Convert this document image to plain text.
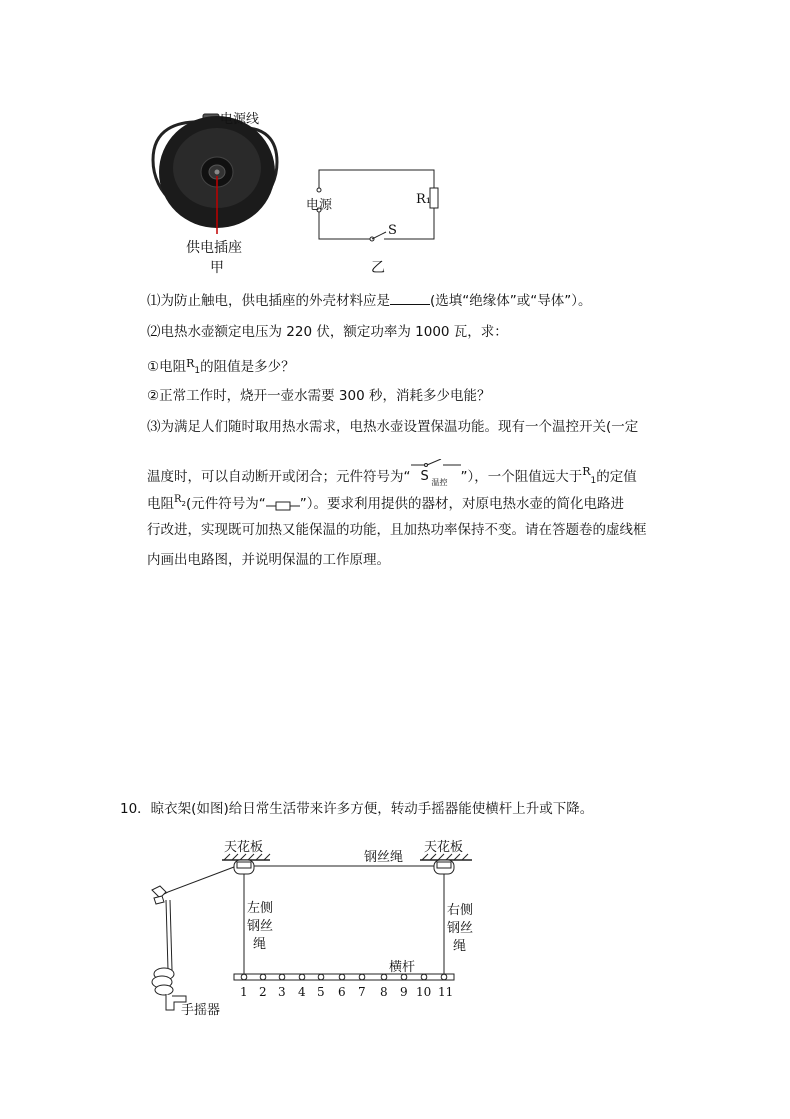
电源线
供电插座
甲
电源	R₁
S
乙
⑴为防止触电，供电插座的外壳材料应是	(选填“绝缘体”或“导体”）。
⑵电热水壶额定电压为 220 伏，额定功率为 1000 瓦，求：
①电阻$^R_1$的阻值是多少？
②正常工作时，烧开一壶水需要 300 秒，消耗多少电能？
⑶为满足人们随时取用热水需求，电热水壶设置保温功能。现有一个温控开关(一定
温度时，可以自动断开或闭合；元件符号为“ S 温控 ”），一个阻值远大于$^R_1$的定值
电阻$^R$2(元件符号为“	”）。要求利用提供的器材，对原电热水壶的简化电路进
行改进，实现既可加热又能保温的功能，且加热功率保持不变。请在答题卷的虚线框
内画出电路图，并说明保温的工作原理。
10．晾衣架(如图)给日常生活带来许多方便，转动手摇器能使横杆上升或下降。
天花板	天花板
钢丝绳
左侧
钢丝
绳
右侧
钢丝
绳
横杆
手摇器
1 2 3 4 5 6 7 8 9 10 11
